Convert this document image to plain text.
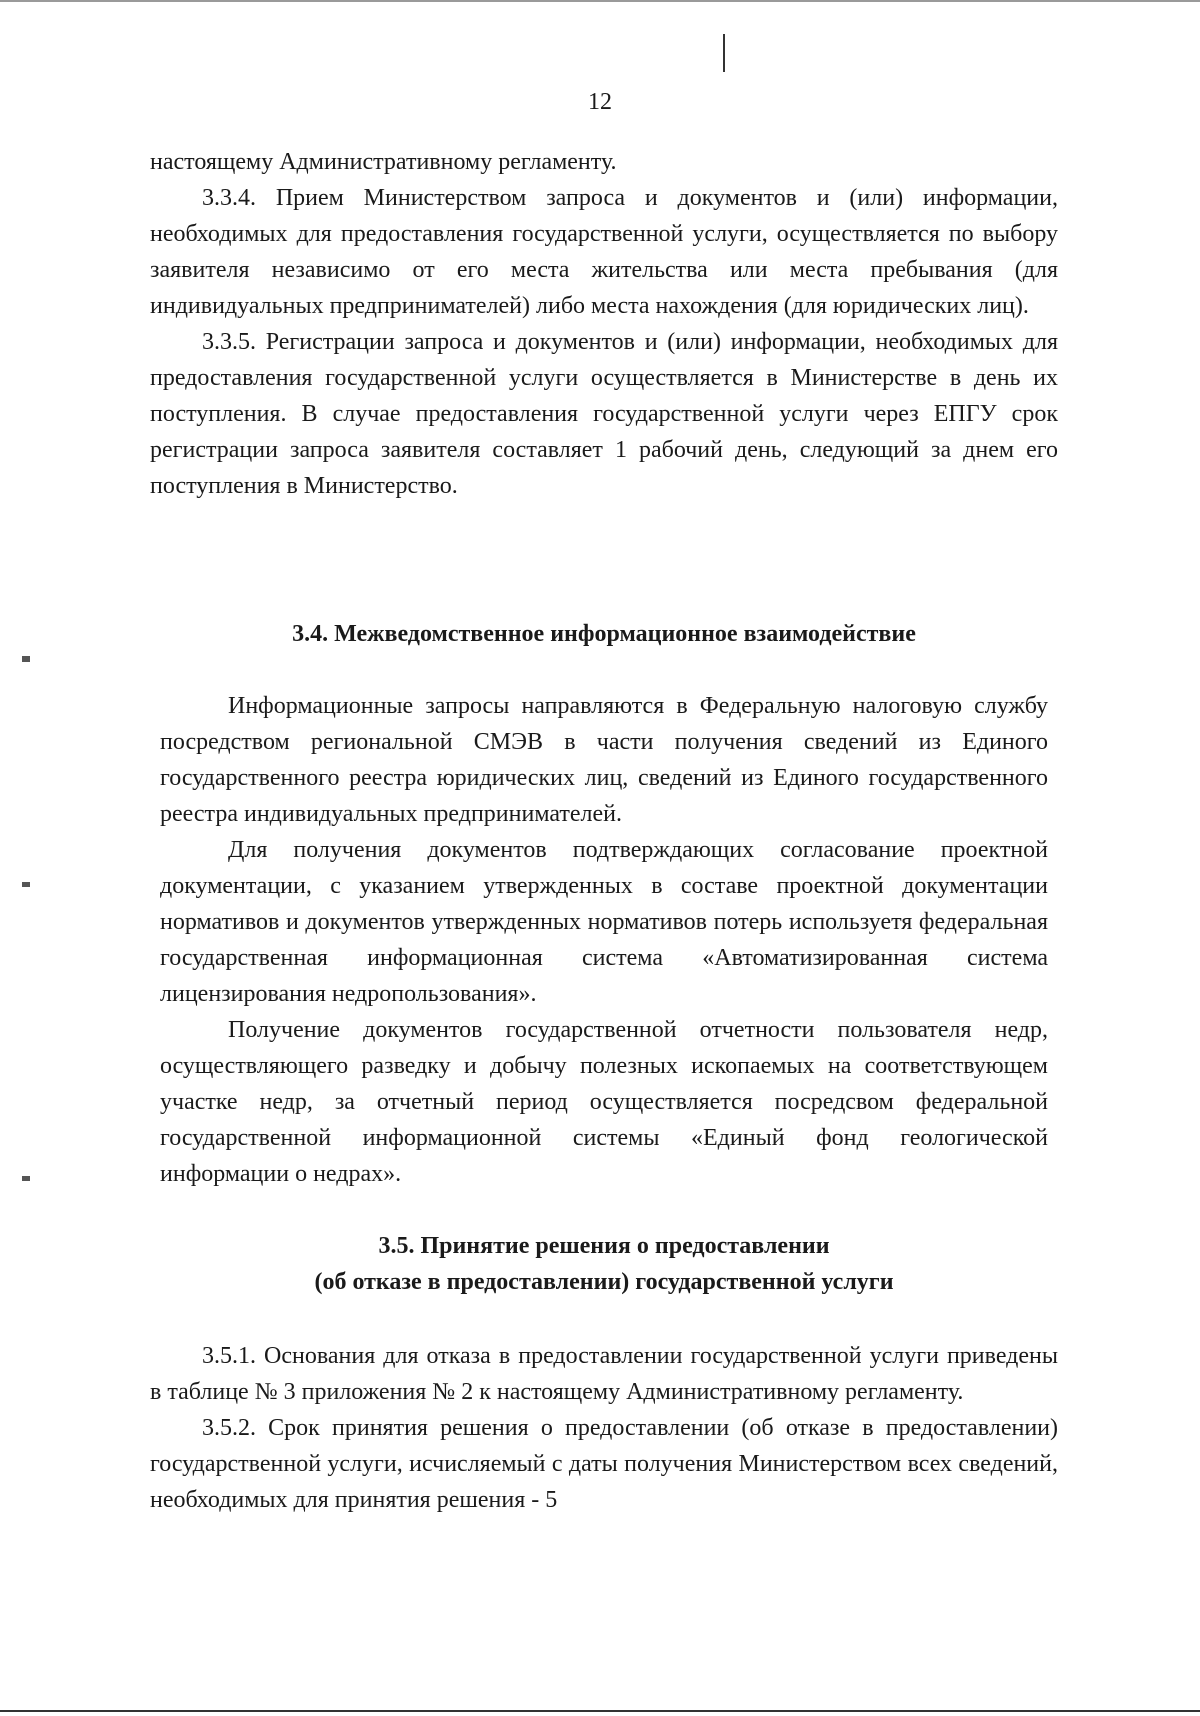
12

настоящему Административному регламенту.

3.3.4. Прием Министерством запроса и документов и (или) информации, необходимых для предоставления государственной услуги, осуществляется по выбору заявителя независимо от его места жительства или места пребывания (для индивидуальных предпринимателей) либо места нахождения (для юридических лиц).

3.3.5. Регистрации запроса и документов и (или) информации, необходимых для предоставления государственной услуги осуществляется в Министерстве в день их поступления. В случае предоставления государственной услуги через ЕПГУ срок регистрации запроса заявителя составляет 1 рабочий день, следующий за днем его поступления в Министерство.

3.4. Межведомственное информационное взаимодействие

Информационные запросы направляются в Федеральную налоговую службу посредством региональной СМЭВ в части получения сведений из Единого государственного реестра юридических лиц, сведений из Единого государственного реестра индивидуальных предпринимателей.

Для получения документов подтверждающих согласование проектной документации, с указанием утвержденных в составе проектной документации нормативов и документов утвержденных нормативов потерь используетя федеральная государственная информационная система «Автоматизированная система лицензирования недропользования».

Получение документов государственной отчетности пользователя недр, осуществляющего разведку и добычу полезных ископаемых на соответствующем участке недр, за отчетный период осуществляется посредсвом федеральной государственной информационной системы «Единый фонд геологической информации о недрах».

3.5. Принятие решения о предоставлении

(об отказе в предоставлении) государственной услуги

3.5.1. Основания для отказа в предоставлении государственной услуги приведены в таблице № 3 приложения № 2 к настоящему Административному регламенту.

3.5.2. Срок принятия решения о предоставлении (об отказе в предоставлении) государственной услуги, исчисляемый с даты получения Министерством всех сведений, необходимых для принятия решения - 5
